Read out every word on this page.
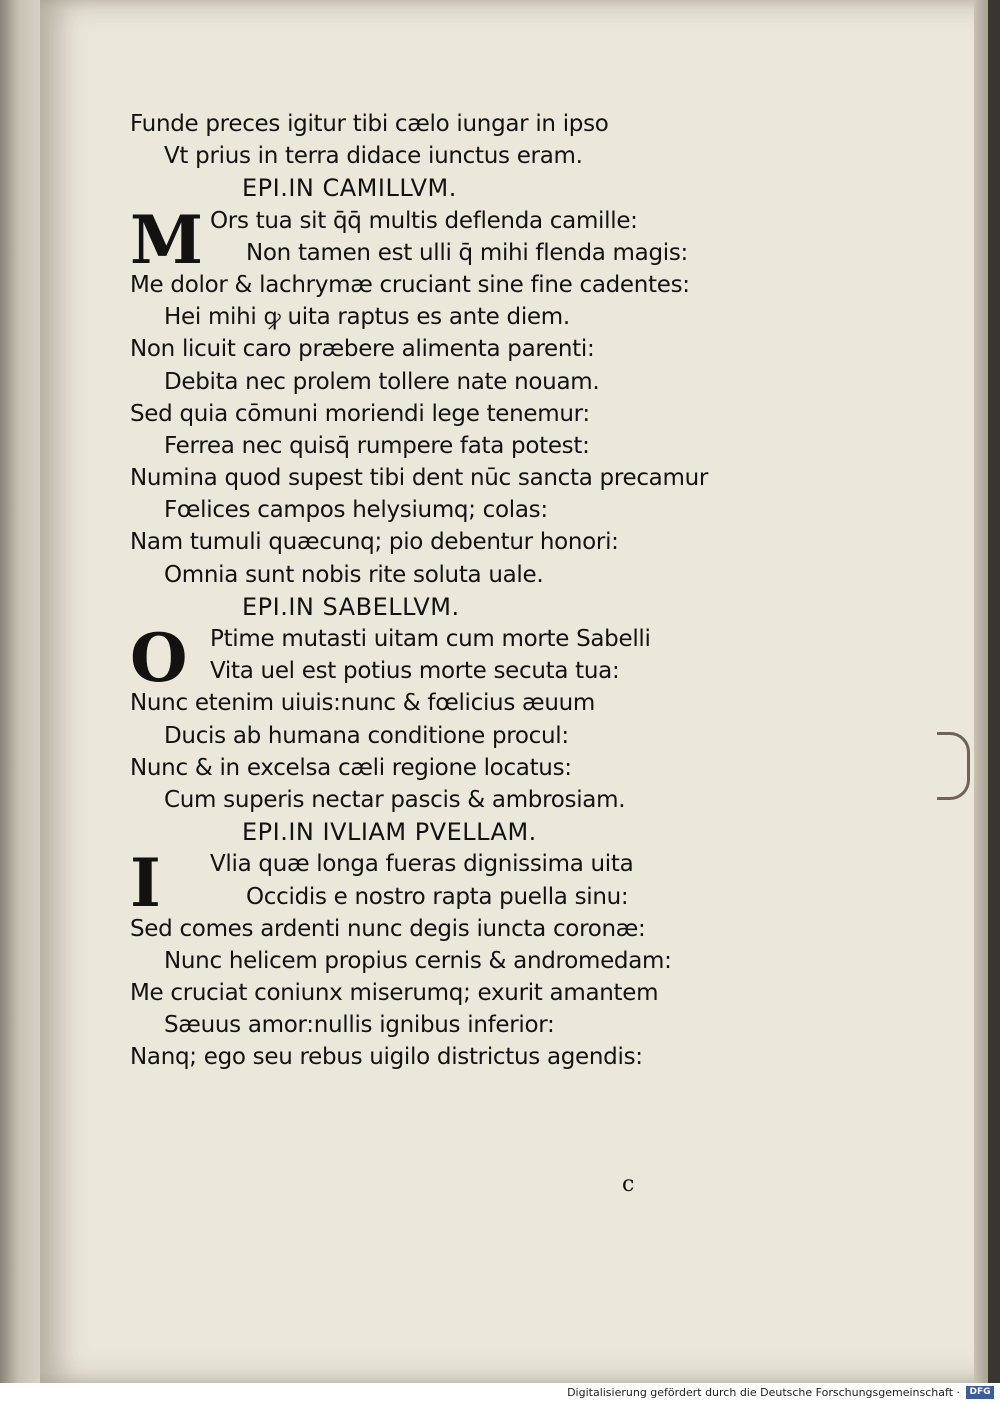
Funde preces igitur tibi cælo iungar in ipso
Vt prius in terra didace iunctus eram.
EPI.IN CAMILLVM.
M Ors tua sit q̄q̄ multis deflenda camille:
Non tamen est ulli q̄ mihi flenda magis:
Me dolor & lachrymæ cruciant sine fine cadentes:
Hei mihi ꝙ uita raptus es ante diem.
Non licuit caro præbere alimenta parenti:
Debita nec prolem tollere nate nouam.
Sed quia cōmuni moriendi lege tenemur:
Ferrea nec quisq̄ rumpere fata potest:
Numina quod supest tibi dent nūc sancta precamur
Fœlices campos helysiumq; colas:
Nam tumuli quæcunq; pio debentur honori:
Omnia sunt nobis rite soluta uale.
EPI.IN SABELLVM.
O Ptime mutasti uitam cum morte Sabelli
Vita uel est potius morte secuta tua:
Nunc etenim uiuis:nunc & fœlicius æuum
Ducis ab humana conditione procul:
Nunc & in excelsa cæli regione locatus:
Cum superis nectar pascis & ambrosiam.
EPI.IN IVLIAM PVELLAM.
I	Vlia quæ longa fueras dignissima uita
Occidis e nostro rapta puella sinu:
Sed comes ardenti nunc degis iuncta coronæ:
Nunc helicem propius cernis & andromedam:
Me cruciat coniunx miserumq; exurit amantem
Sæuus amor:nullis ignibus inferior:
Nanq; ego seu rebus uigilo districtus agendis:
c
Digitalisierung gefördert durch die Deutsche Forschungsgemeinschaft ·	DFG
